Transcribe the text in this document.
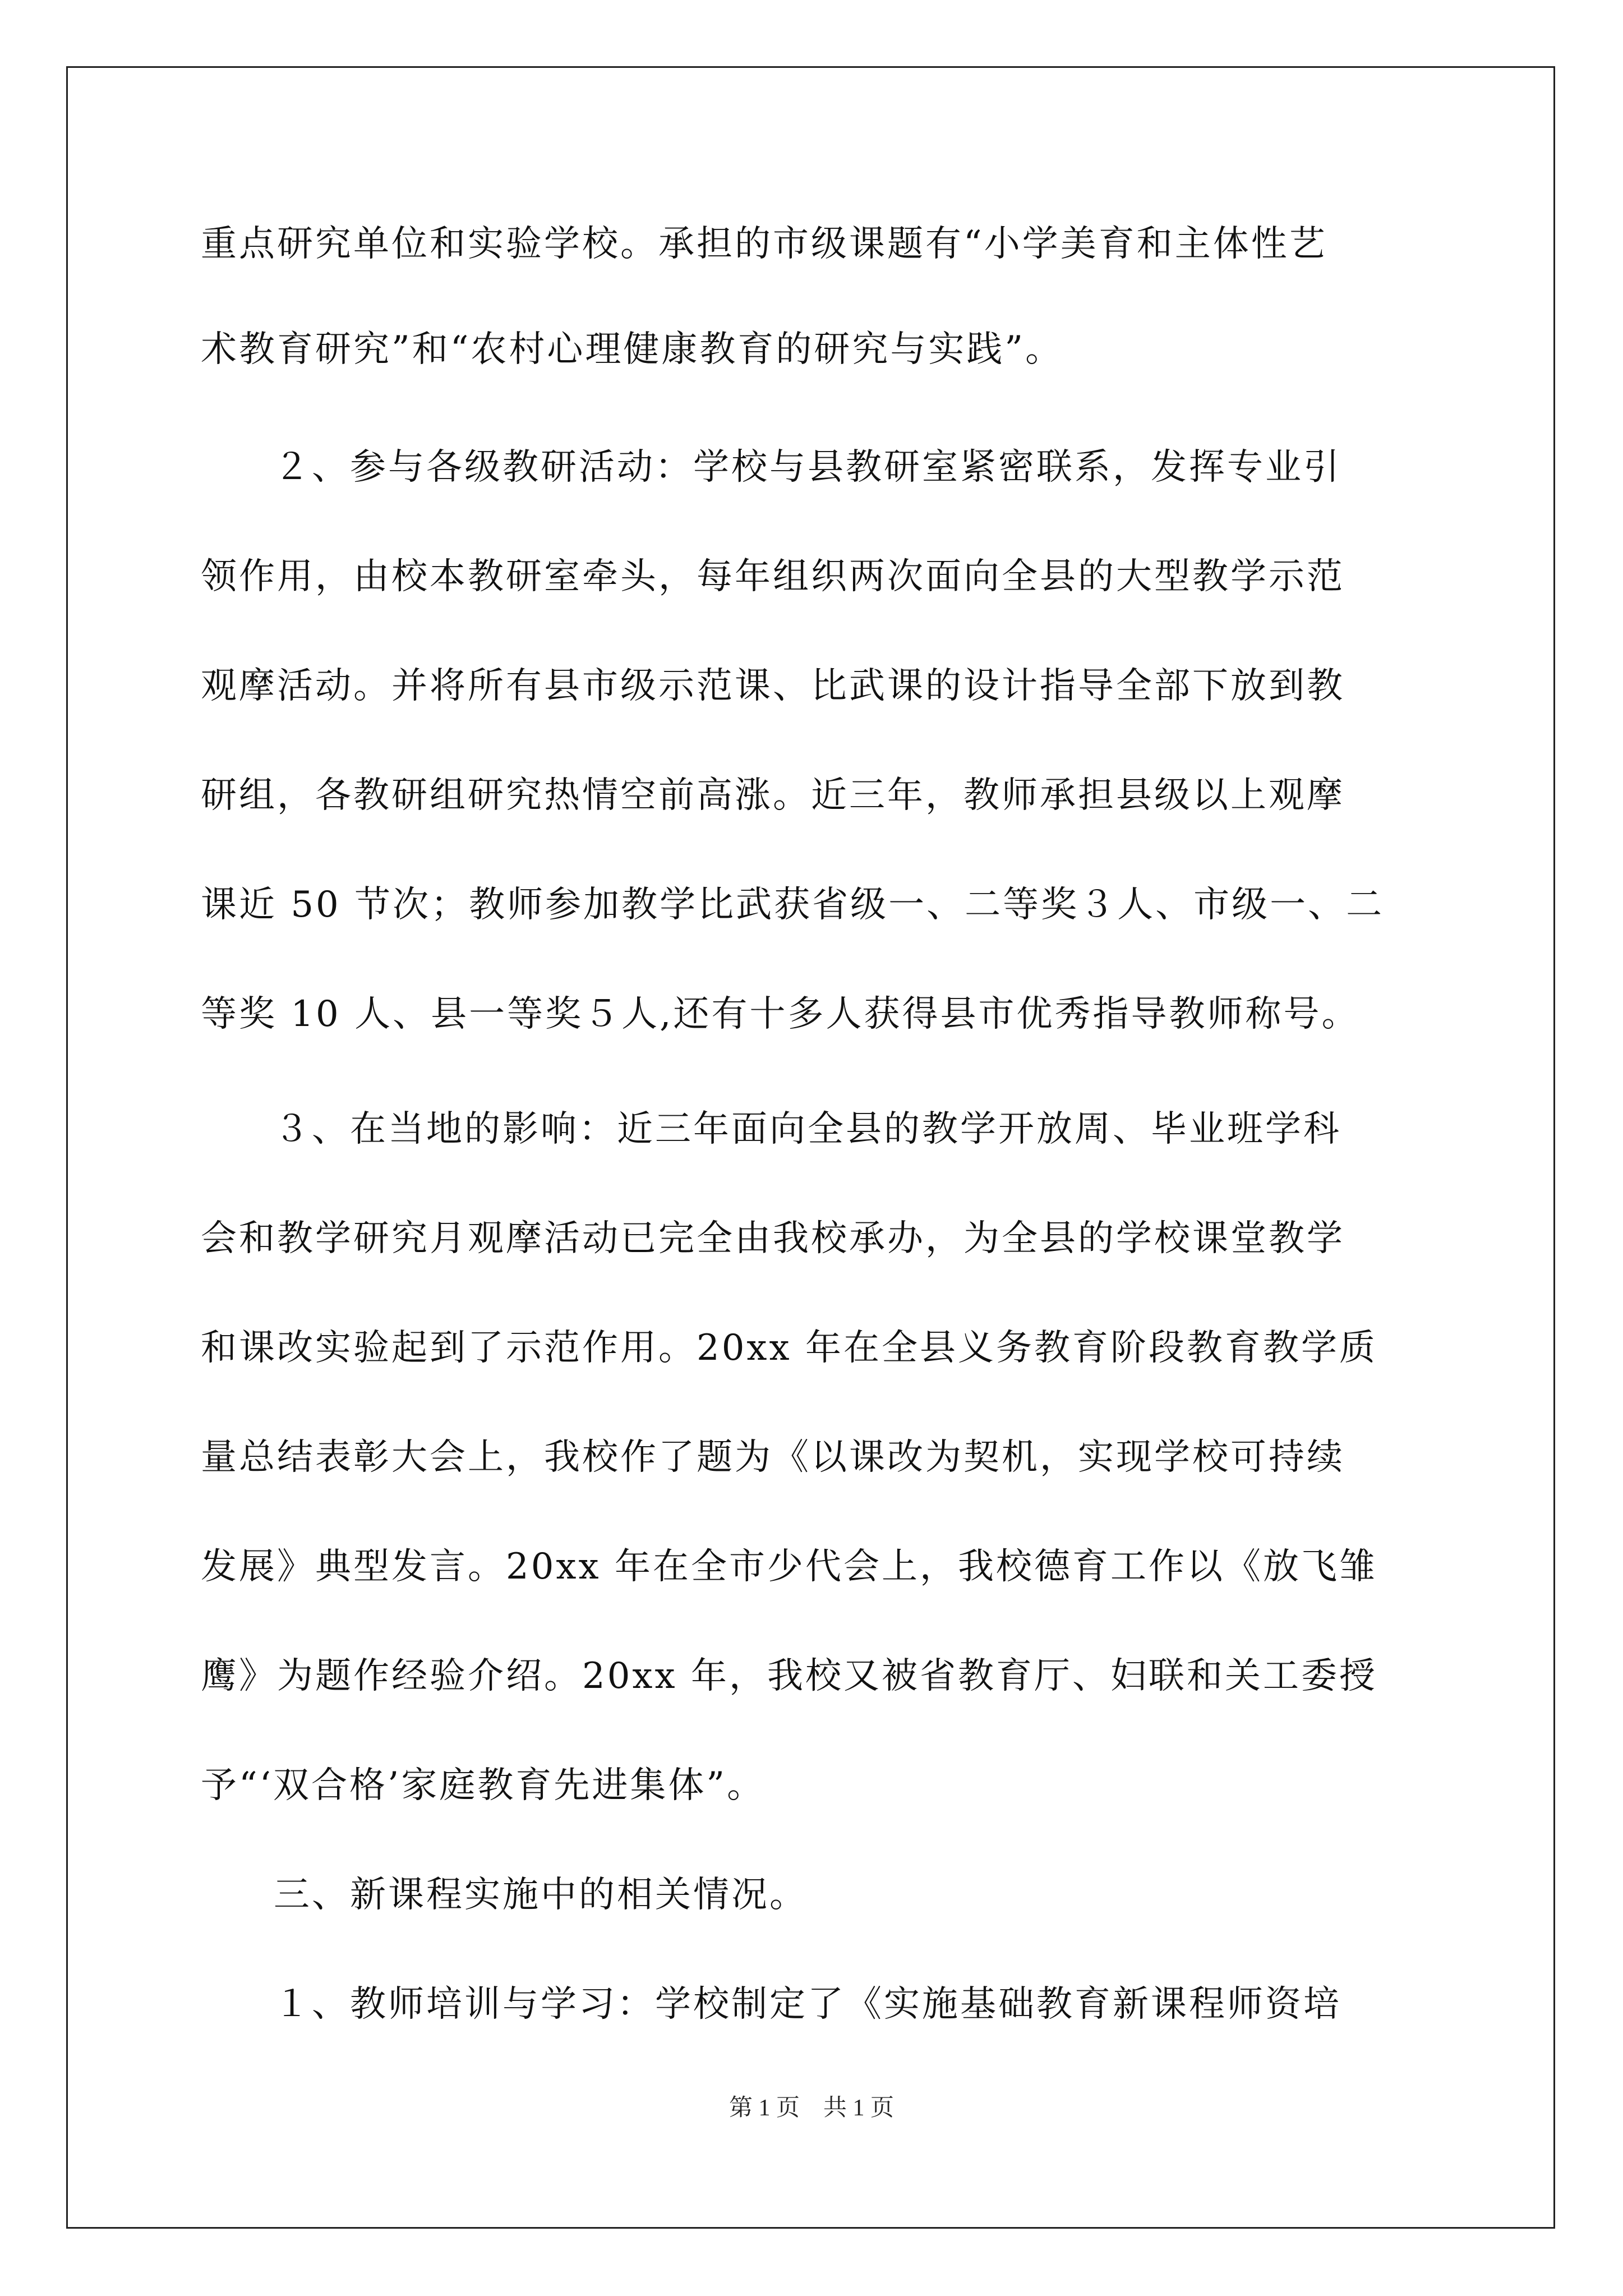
重点研究单位和实验学校。承担的市级课题有“小学美育和主体性艺
术教育研究”和“农村心理健康教育的研究与实践”。
２、参与各级教研活动：学校与县教研室紧密联系，发挥专业引
领作用，由校本教研室牵头，每年组织两次面向全县的大型教学示范
观摩活动。并将所有县市级示范课、比武课的设计指导全部下放到教
研组，各教研组研究热情空前高涨。近三年，教师承担县级以上观摩
课近 50 节次；教师参加教学比武获省级一、二等奖３人、市级一、二
等奖 10 人、县一等奖５人,还有十多人获得县市优秀指导教师称号。
３、在当地的影响：近三年面向全县的教学开放周、毕业班学科
会和教学研究月观摩活动已完全由我校承办，为全县的学校课堂教学
和课改实验起到了示范作用。20xx 年在全县义务教育阶段教育教学质
量总结表彰大会上，我校作了题为《以课改为契机，实现学校可持续
发展》典型发言。20xx 年在全市少代会上，我校德育工作以《放飞雏
鹰》为题作经验介绍。20xx 年，我校又被省教育厅、妇联和关工委授
予“‘双合格’家庭教育先进集体”。
三、新课程实施中的相关情况。
１、教师培训与学习：学校制定了《实施基础教育新课程师资培
第 1 页　共 1 页
